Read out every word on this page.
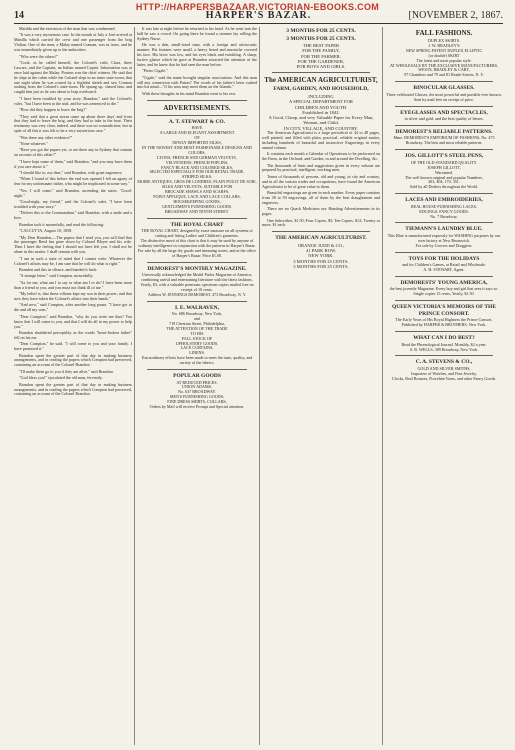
HTTP://HARPERSBAZAAR.VICTORIAN-EBOOKS.COM
14	HARPER'S BAZAR.	[NOVEMBER 2, 1867.

Matilda and the execution of the man that was condemned.

"It was a very mysterious case. In the month of July a José arrived at Manilla which carried the crew and one passenger from the brig Violian. One of the men, a Malay named Craman, was in irons, and he was immediately given up to the authorities.

"Who were the others?"

"Cook, as he called himself, the Colonel's valet, Clara, three Lascars, and the Captain, an Italian named Capini. Information was at once laid against the Malay. Poniars was the chief witness. He said that he slept in the cabin while the Colonel slept in an inner state-room; that one night when he was roused by a frightful shriek and saw Cramon rushing from the Colonel's state-room. He sprang up, chased him, and caught him just as he was about to leap overboard.

"I have been troubled by your story, Brandon," said the Colonel's valet, "but I have been at the trial, and he was sentenced to die."

"How did they happen to leave the brig?"

"They said that a great storm came up about three days' and from that they had to leave the brig, and they had to take to the boat. Their testimony was very clear, indeed, and there was no contradiction; but in spite of all this it was felt to be a very mysterious case."

"Was there any other evidence?"

"None whatever."

"Have you got the papers yet, or are there any in Sydney that contain an account of this affair?"

"I have kept some of them," said Brandon, "and you may have them if you care about it."

"I should like to, my dear," said Brandon, with great eagerness.

"When I found of this before the end was opened I felt an agony of fear for my unfortunate father, who might be implicated in some way."

"Yes, I will come," said Brandon, ascending the stairs. "Good-night."

"Good-night, my friend," said the Colonel's valet, "I have been troubled with your story."

"Deliver this to the Commandant," said Brandon, with a smile and a bow.

Brandon took it mournfully, and read the following:

"CALCUTTA, August 10, 1858.

"My Dear Brandon,—The papers that I send you, you will find that the passenger Reed has gone down by Colonel Bleyer and his wife. Then I have the feeling that I should not have left you. I shall not be alone in this matter. I shall remain with you.

"I am in such a state of mind that I cannot write. Whatever the Colonel's affairs may be, I am sure that he will do what is right."

Brandon and this in silence, and handed it back.

"A strange letter," said Compton, mournfully.

"As for me, what am I to say or what am I to do? I have been more than a friend to you, and you must not think ill of me."

"My belief is, that those villains kept my son in their power; and that now they have taken the Colonel's affairs into their hands."

"And now," said Compton, after another long pause, "I have got to die and all my sons."

"Dear Compton," said Brandon, "why do you write me thus? You know that I will come to you, and that I will do all in my power to help you."

Brandon shuddered perceptibly as the words "heart-broken father" fell on his ear.

"Dear Compton," he said, "I will come to you and your family. I have promised it."

Brandon spent the greater part of that day in making business arrangements, and in reading the papers which Compton had preserved, containing an account of the Colonel Brandon.

"I'll make them go to you if they are alive," said Brandon.

"God bless you!" ejaculated the old man, fervently.

Brandon spent the greater part of that day in making business arrangements, and in reading the papers which Compton had preserved, containing an account of the Colonel Brandon.

It was late at night before he returned to his hotel. As he went into the hall he saw a crowd. On going there he found a steamer lay rolling the Sydney Nurse.

He was a thin, small-sized man, with a foreign and aristocratic manner. His features were small, a heavy beard and mustache covered his face. His brow was low, and his eyes black and twinkling. A sharp, furtive glance which he gave at Brandon attracted the attention of the latter, and he knew that he had seen the man before.

"Pietro Cigale."

"Cigale," said the name brought singular associations. And this man still any connection with Patras? The words of his father's letter rushed into his mind—"if his sons may meet them on the Islands."

With these thoughts in his mind Brandon went to his rest.

ADVERTISEMENTS.
A. T. STEWART & CO.

HAVE

A LARGE AND ELEGANT ASSORTMENT

OF

NEWLY IMPORTED SILKS,

IN THE NEWEST AND MOST FASHIONABLE DESIGNS AND COLORS,

LYONS, FRENCH AND GERMAN VELVETS,

VELVETEENS, FRENCH POPLINS,

FANCY BLACK AND COLORED SILKS,

SELECTED ESPECIALLY FOR OUR RETAIL TRADE.

STRIPED SILKS,

MOIRE ANTIQUES, GROS DE LONDRES, PLAIN POULT DE SOIE,

SILKS AND VELVETS, SUITABLE FOR

BROCADE SHAWLS AND SCARFS,

POINT APPLIQUE, LACE AND LACE COLLARS,

HOUSEKEEPING GOODS,

GENTLEMEN'S FURNISHING GOODS.

BROADWAY AND TENTH STREET.

THE ROYAL CHART

THE ROYAL CHART, designed by exact measure on all systems of cutting and fitting Ladies' and Children's garments.

The distinctive merit of this chart is that it may be used by anyone of ordinary intelligence in conjunction with the patterns in Harper's Bazar.

For sale by all the large dry goods and trimming stores, and at the office of Harper's Bazar. Price $1.00.

DEMOREST'S MONTHLY MAGAZINE.

Universally acknowledged the Model Parlor Magazine of America; combining useful and entertaining literature with the latest fashions.

Yearly, $3, with a valuable premium; specimen copies mailed free on receipt of 10 cents.

Address W. JENNINGS DEMOREST, 473 Broadway, N. Y.

I. E. WALRAVEN,

No. 686 Broadway, New York,

and

719 Chestnut Street, Philadelphia,

THE ATTENTION OF THE TRADE

TO HIS

FALL STOCK OF

UPHOLSTERY GOODS,

LACE CURTAINS,

LINENS.

Extraordinary efforts have been made to meet the taste, quality, and variety of the fabrics.

POPULAR GOODS

AT REDUCED PRICES.

UNION ADAMS,

No. 637 BROADWAY.

MEN'S FURNISHING GOODS;

FINE DRESS SHIRTS, COLLARS,

Orders by Mail will receive Prompt and Special attention.

3 MONTHS FOR 25 CENTS.
3 MONTHS FOR 25 CENTS.
THE BEST PAPER
FOR THE FAMILY,
FOR THE FARMER,
FOR THE GARDENER,
FOR BOYS AND GIRLS.
The AMERICAN AGRICULTURIST,
FARM, GARDEN, AND HOUSEHOLD,
INCLUDING
A SPECIAL DEPARTMENT FOR
CHILDREN AND YOUTH.
Established in 1842.
A Good, Cheap, and very Valuable Paper for Every Man, Woman, and Child,
IN CITY, VILLAGE, AND COUNTRY.

The American Agriculturist is a large periodical of 44 to 48 pages, well printed, and filled with plain, practical, reliable original matter, including hundreds of beautiful and instructive Engravings in every annual volume.

It contains each month a Calendar of Operations to be performed on the Farm, in the Orchard, and Garden, in and around the Dwelling, &c.

The thousands of hints and suggestions given in every volume are prepared by practical, intelligent, working men.

Terms of thousands of persons, old and young, in city and country, and in all the various trades and occupations, have found the American Agriculturist to be of great value to them.

Beautiful engravings are given in each number. Every paper contains from 30 to 50 engravings, all of them by the best draughtsmen and engravers.

There are no Quack Medicines nor Humbug Advertisements in its pages.

One Subscriber, $1.50; Four Copies, $5; Ten Copies, $12; Twenty or more, $1 each.

THE AMERICAN AGRICULTURIST.
ORANGE JUDD & CO.,
41 PARK ROW,
NEW YORK.
3 MONTHS FOR 25 CENTS.
3 MONTHS FOR 25 CENTS.
FALL FASHIONS.

DUPLEX SKIRTS.

J. W. BRADLEY'S

NEW SPRING PATENT DUPLEX ELLIPTIC

(or double) SKIRT

The latest and most popular style.

AT WHOLESALE BY THE EXCLUSIVE MANUFACTURERS,

WESTS, BRADLEY & CARY,

97 Chambers and 79 and 81 Reade Streets, N. Y.

BINOCULAR GLASSES.

Three celebrated Glasses, the most powerful and portable ever known. Sent by mail free on receipt of price.

EYEGLASSES AND SPECTACLES,

in silver and gold, and the best quality of lenses.

DEMOREST'S RELIABLE PATTERNS.

Mme. DEMOREST'S EMPORIUM OF FASHIONS, No. 473 Broadway. The best and most reliable patterns.

JOS. GILLOTT'S STEEL PENS,

OF THE OLD STANDARD QUALITY.

JOSEPH GILLOTT,

Warranted.

The well known original and popular Numbers,

303, 404, 170, 351.

Sold by all Dealers throughout the World.

LACES AND EMBROIDERIES,

REAL HOUSE FURNISHING LACES,

EDGINGS, FANCY GOODS.

No. 7 Broadway.

TIEMANN'S LAUNDRY BLUE.

This Blue is manufactured expressly for WASHING purposes by our own factory at New Brunswick.

For sale by Grocers and Druggists.

TOYS FOR THE HOLIDAYS

and for Children's Games, at Retail and Wholesale.

A. H. STEWART, Agent.

DEMORESTS' YOUNG AMERICA,

the best juvenile Magazine. Every boy and girl that sees it says so.

Single copies 15 cents; Yearly, $1.50.

QUEEN VICTORIA'S MEMOIRS OF THE PRINCE CONSORT.

The Early Years of His Royal Highness the Prince Consort.

Published by HARPER & BROTHERS, New York.

WHAT CAN I DO BEST?

Read the Phrenological Journal. Monthly, $2 a year.

S. R. WELLS, 389 Broadway, New York.

C. A. STEVENS & CO.,

GOLD AND SILVER SMITHS,

Importers of Watches, and Fine Jewelry,

Clocks, Real Bronzes, Porcelain Vases, and other Fancy Goods.
